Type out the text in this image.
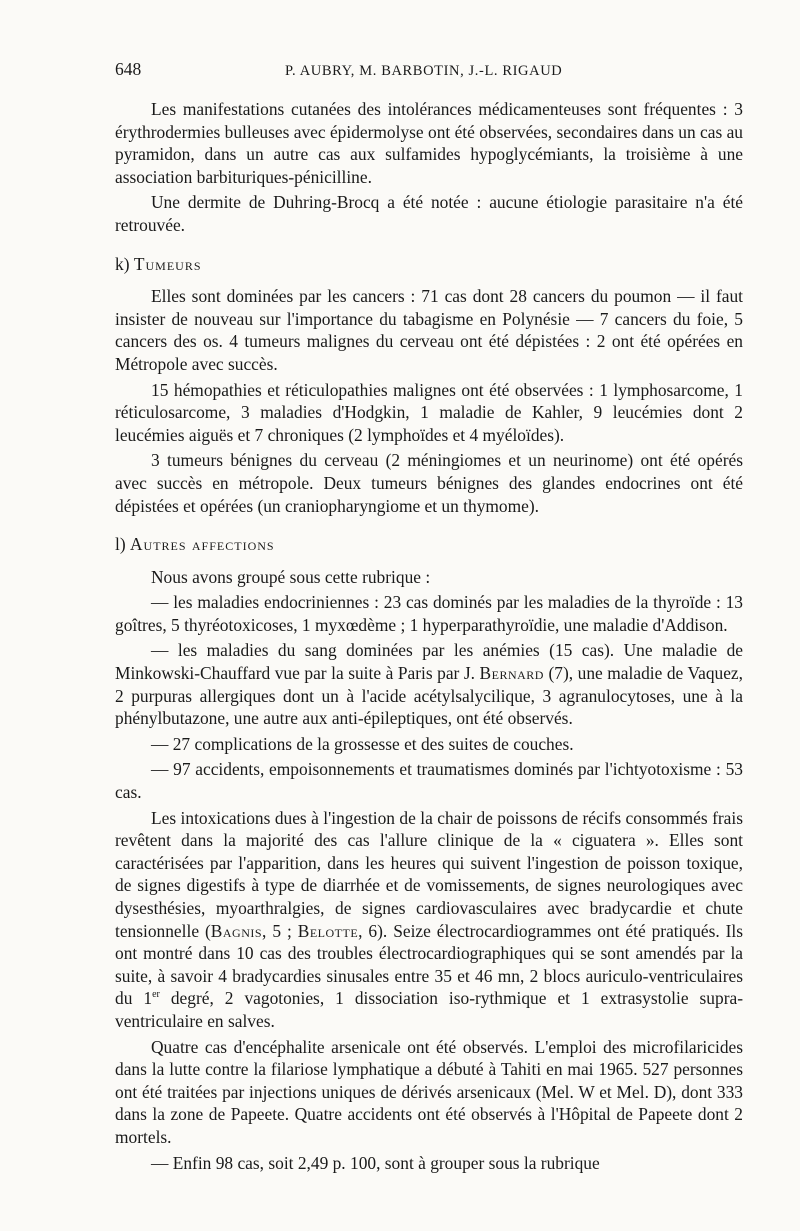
648	P. AUBRY, M. BARBOTIN, J.-L. RIGAUD

Les manifestations cutanées des intolérances médicamenteuses sont fréquentes : 3 érythrodermies bulleuses avec épidermolyse ont été observées, secondaires dans un cas au pyramidon, dans un autre cas aux sulfamides hypoglycémiants, la troisième à une association barbituriques-pénicilline.

Une dermite de Duhring-Brocq a été notée : aucune étiologie parasitaire n'a été retrouvée.

k) Tumeurs

Elles sont dominées par les cancers : 71 cas dont 28 cancers du poumon — il faut insister de nouveau sur l'importance du tabagisme en Polynésie — 7 cancers du foie, 5 cancers des os. 4 tumeurs malignes du cerveau ont été dépistées : 2 ont été opérées en Métropole avec succès.

15 hémopathies et réticulopathies malignes ont été observées : 1 lymphosarcome, 1 réticulosarcome, 3 maladies d'Hodgkin, 1 maladie de Kahler, 9 leucémies dont 2 leucémies aiguës et 7 chroniques (2 lymphoïdes et 4 myéloïdes).

3 tumeurs bénignes du cerveau (2 méningiomes et un neurinome) ont été opérés avec succès en métropole. Deux tumeurs bénignes des glandes endocrines ont été dépistées et opérées (un craniopharyngiome et un thymome).

l) Autres affections

Nous avons groupé sous cette rubrique :

— les maladies endocriniennes : 23 cas dominés par les maladies de la thyroïde : 13 goîtres, 5 thyréotoxicoses, 1 myxœdème ; 1 hyperparathyroïdie, une maladie d'Addison.

— les maladies du sang dominées par les anémies (15 cas). Une maladie de Minkowski-Chauffard vue par la suite à Paris par J. Bernard (7), une maladie de Vaquez, 2 purpuras allergiques dont un à l'acide acétylsalycilique, 3 agranulocytoses, une à la phénylbutazone, une autre aux anti-épileptiques, ont été observés.

— 27 complications de la grossesse et des suites de couches.

— 97 accidents, empoisonnements et traumatismes dominés par l'ichtyotoxisme : 53 cas.

Les intoxications dues à l'ingestion de la chair de poissons de récifs consommés frais revêtent dans la majorité des cas l'allure clinique de la « ciguatera ». Elles sont caractérisées par l'apparition, dans les heures qui suivent l'ingestion de poisson toxique, de signes digestifs à type de diarrhée et de vomissements, de signes neurologiques avec dysesthésies, myoarthralgies, de signes cardiovasculaires avec bradycardie et chute tensionnelle (Bagnis, 5 ; Belotte, 6). Seize électrocardiogrammes ont été pratiqués. Ils ont montré dans 10 cas des troubles électrocardiographiques qui se sont amendés par la suite, à savoir 4 bradycardies sinusales entre 35 et 46 mn, 2 blocs auriculo-ventriculaires du 1er degré, 2 vagotonies, 1 dissociation iso-rythmique et 1 extrasystolie supra-ventriculaire en salves.

Quatre cas d'encéphalite arsenicale ont été observés. L'emploi des microfilaricides dans la lutte contre la filariose lymphatique a débuté à Tahiti en mai 1965. 527 personnes ont été traitées par injections uniques de dérivés arsenicaux (Mel. W et Mel. D), dont 333 dans la zone de Papeete. Quatre accidents ont été observés à l'Hôpital de Papeete dont 2 mortels.

— Enfin 98 cas, soit 2,49 p. 100, sont à grouper sous la rubrique
